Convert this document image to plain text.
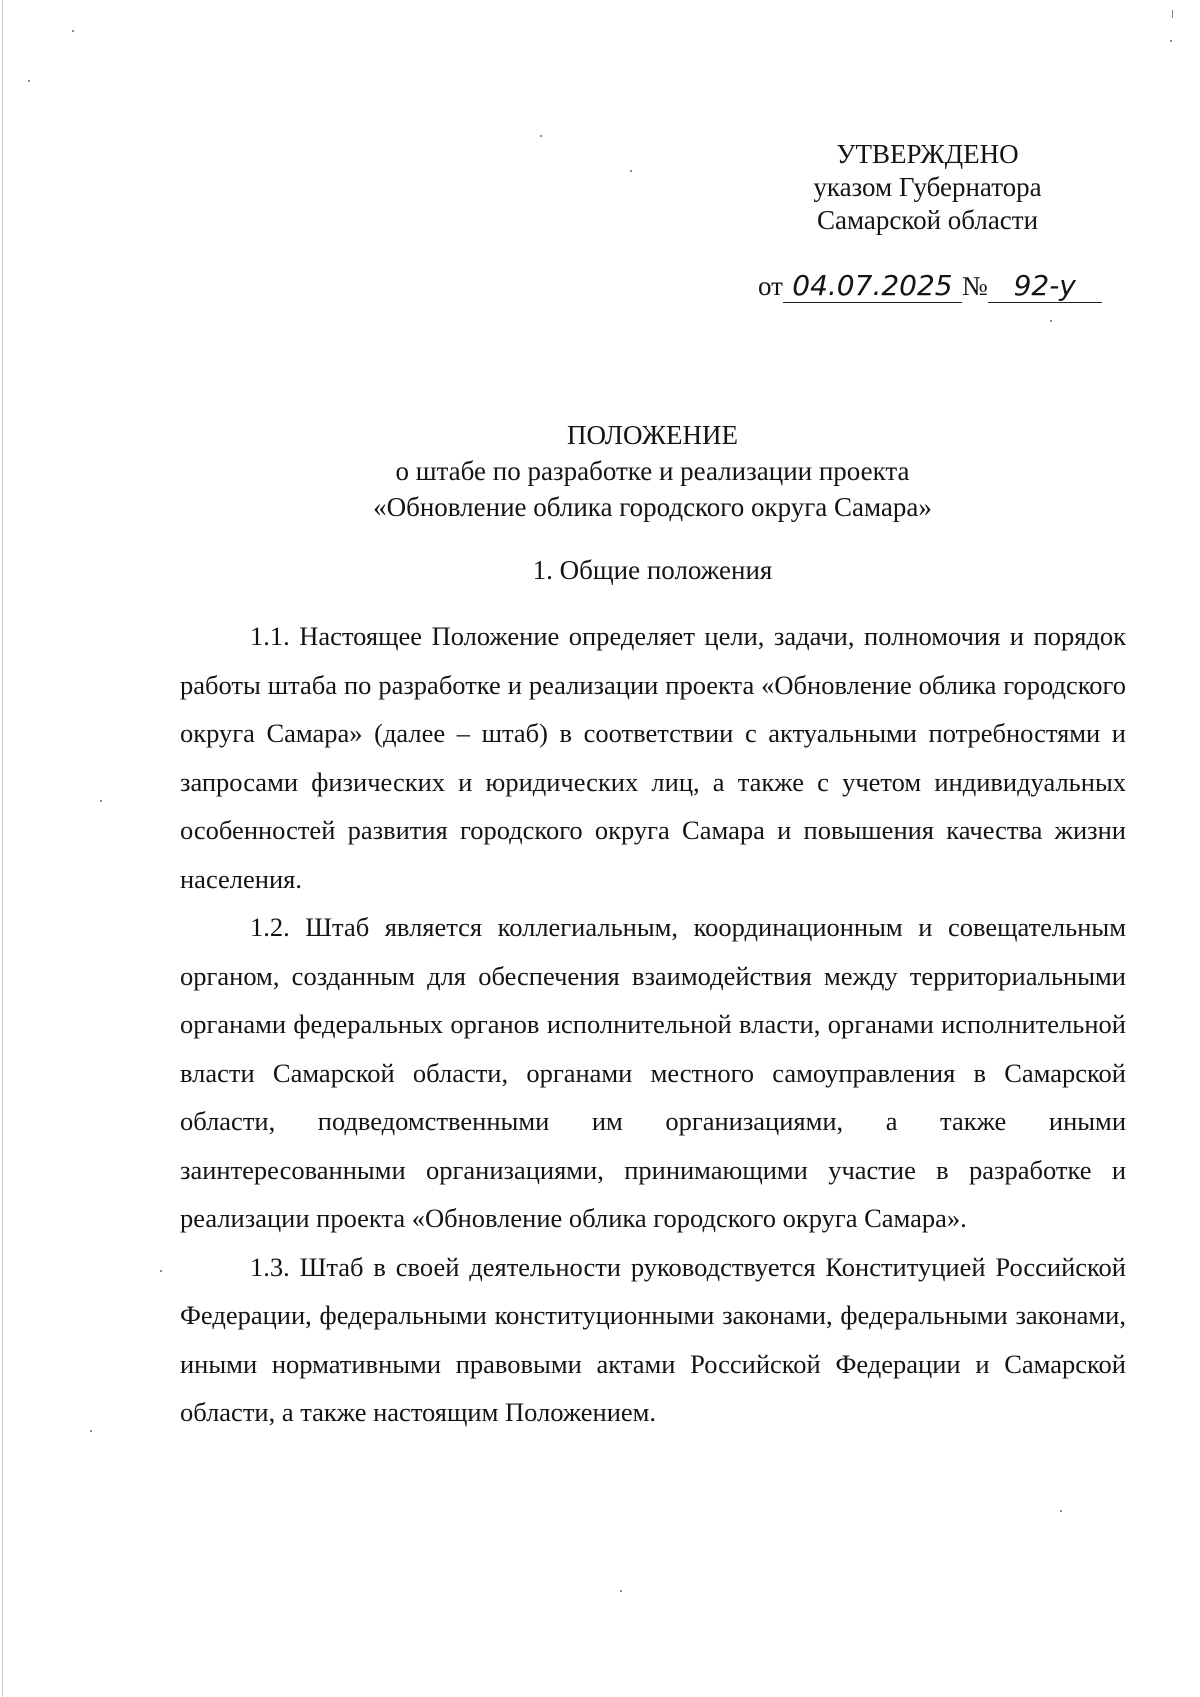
УТВЕРЖДЕНО
указом Губернатора
Самарской области
от 04.07.2025 № 92-у
ПОЛОЖЕНИЕ
о штабе по разработке и реализации проекта
«Обновление облика городского округа Самара»
1. Общие положения

1.1. Настоящее Положение определяет цели, задачи, полномочия и порядок работы штаба по разработке и реализации проекта «Обновление облика городского округа Самара» (далее – штаб) в соответствии с актуальными потребностями и запросами физических и юридических лиц, а также с учетом индивидуальных особенностей развития городского округа Самара и повышения качества жизни населения.

1.2. Штаб является коллегиальным, координационным и совещательным органом, созданным для обеспечения взаимодействия между территориальными органами федеральных органов исполнительной власти, органами исполнительной власти Самарской области, органами местного самоуправления в Самарской области, подведомственными им организациями, а также иными заинтересованными организациями, принимающими участие в разработке и реализации проекта «Обновление облика городского округа Самара».

1.3. Штаб в своей деятельности руководствуется Конституцией Российской Федерации, федеральными конституционными законами, федеральными законами, иными нормативными правовыми актами Российской Федерации и Самарской области, а также настоящим Положением.
